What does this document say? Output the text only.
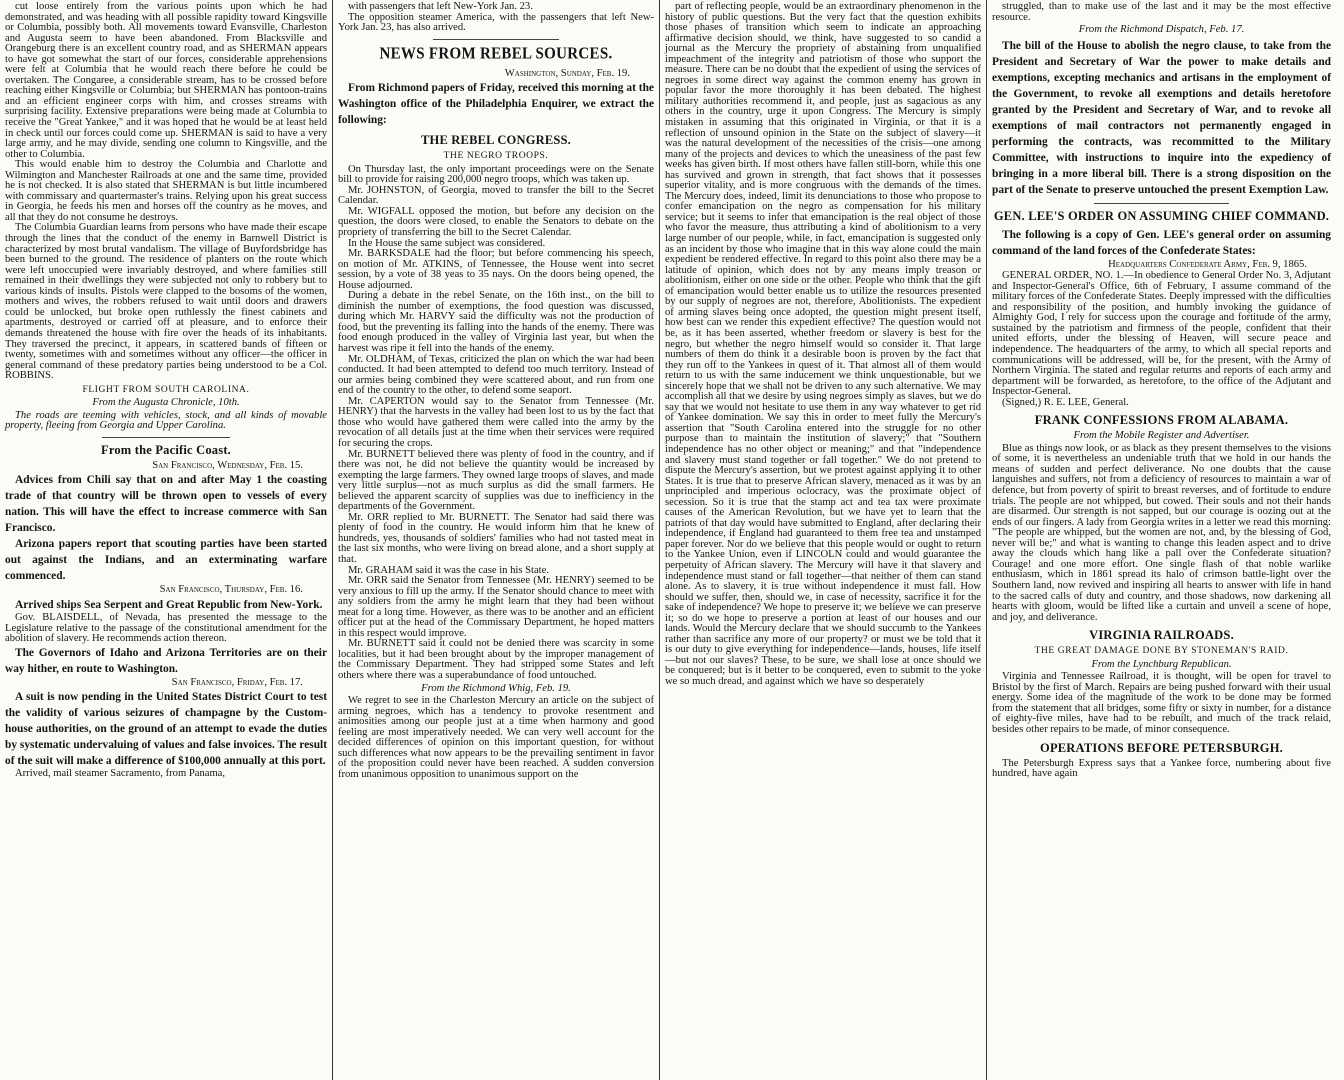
cut loose entirely from the various points upon which he had demonstrated, and was heading with all possible rapidity toward Kingsville or Columbia, possibly both. All movements toward Evansville, Charleston and Augusta seem to have been abandoned. From Blacksville and Orangeburg there is an excellent country road, and as SHERMAN appears to have got somewhat the start of our forces, considerable apprehensions were felt at Columbia that he would reach there before he could be overtaken. The Congaree, a considerable stream, has to be crossed before reaching either Kingsville or Columbia; but SHERMAN has pontoon-trains and an efficient engineer corps with him, and crosses streams with surprising facility. Extensive preparations were being made at Columbia to receive the "Great Yankee," and it was hoped that he would be at least held in check until our forces could come up. SHERMAN is said to have a very large army, and he may divide, sending one column to Kingsville, and the other to Columbia.

This would enable him to destroy the Columbia and Charlotte and Wilmington and Manchester Railroads at one and the same time, provided he is not checked. It is also stated that SHERMAN is but little incumbered with commissary and quartermaster's trains. Relying upon his great success in Georgia, he feeds his men and horses off the country as he moves, and all that they do not consume he destroys.

The Columbia Guardian learns from persons who have made their escape through the lines that the conduct of the enemy in Barnwell District is characterized by most brutal vandalism. The village of Buyfordsbridge has been burned to the ground. The residence of planters on the route which were left unoccupied were invariably destroyed, and where families still remained in their dwellings they were subjected not only to robbery but to various kinds of insults. Pistols were clapped to the bosoms of the women, mothers and wives, the robbers refused to wait until doors and drawers could be unlocked, but broke open ruthlessly the finest cabinets and apartments, destroyed or carried off at pleasure, and to enforce their demands threatened the house with fire over the heads of its inhabitants. They traversed the precinct, it appears, in scattered bands of fifteen or twenty, sometimes with and sometimes without any officer—the officer in general command of these predatory parties being understood to be a Col. ROBBINS.

FLIGHT FROM SOUTH CAROLINA.
From the Augusta Chronicle, 10th.

The roads are teeming with vehicles, stock, and all kinds of movable property, fleeing from Georgia and Upper Carolina.

From the Pacific Coast.
San Francisco, Wednesday, Feb. 15.

Advices from Chili say that on and after May 1 the coasting trade of that country will be thrown open to vessels of every nation. This will have the effect to increase commerce with San Francisco.

Arizona papers report that scouting parties have been started out against the Indians, and an exterminating warfare commenced.

San Francisco, Thursday, Feb. 16.

Arrived ships Sea Serpent and Great Republic from New-York.

Gov. BLAISDELL, of Nevada, has presented the message to the Legislature relative to the passage of the constitutional amendment for the abolition of slavery. He recommends action thereon.

The Governors of Idaho and Arizona Territories are on their way hither, en route to Washington.

San Francisco, Friday, Feb. 17.

A suit is now pending in the United States District Court to test the validity of various seizures of champagne by the Custom-house authorities, on the ground of an attempt to evade the duties by systematic undervaluing of values and false invoices. The result of the suit will make a difference of $100,000 annually at this port.

Arrived, mail steamer Sacramento, from Panama,

with passengers that left New-York Jan. 23.

The opposition steamer America, with the passengers that left New-York Jan. 23, has also arrived.

NEWS FROM REBEL SOURCES.
Washington, Sunday, Feb. 19.

From Richmond papers of Friday, received this morning at the Washington office of the Philadelphia Enquirer, we extract the following:

THE REBEL CONGRESS.
THE NEGRO TROOPS.

On Thursday last, the only important proceedings were on the Senate bill to provide for raising 200,000 negro troops, which was taken up.

Mr. JOHNSTON, of Georgia, moved to transfer the bill to the Secret Calendar.

Mr. WIGFALL opposed the motion, but before any decision on the question, the doors were closed, to enable the Senators to debate on the propriety of transferring the bill to the Secret Calendar.

In the House the same subject was considered.

Mr. BARKSDALE had the floor; but before commencing his speech, on motion of Mr. ATKINS, of Tennessee, the House went into secret session, by a vote of 38 yeas to 35 nays. On the doors being opened, the House adjourned.

During a debate in the rebel Senate, on the 16th inst., on the bill to diminish the number of exemptions, the food question was discussed, during which Mr. HARVY said the difficulty was not the production of food, but the preventing its falling into the hands of the enemy. There was food enough produced in the valley of Virginia last year, but when the harvest was ripe it fell into the hands of the enemy.

Mr. OLDHAM, of Texas, criticized the plan on which the war had been conducted. It had been attempted to defend too much territory. Instead of our armies being combined they were scattered about, and run from one end of the country to the other, to defend some seaport.

Mr. CAPERTON would say to the Senator from Tennessee (Mr. HENRY) that the harvests in the valley had been lost to us by the fact that those who would have gathered them were called into the army by the revocation of all details just at the time when their services were required for securing the crops.

Mr. BURNETT believed there was plenty of food in the country, and if there was not, he did not believe the quantity would be increased by exempting the large farmers. They owned large troops of slaves, and made very little surplus—not as much surplus as did the small farmers. He believed the apparent scarcity of supplies was due to inefficiency in the departments of the Government.

Mr. ORR replied to Mr. BURNETT. The Senator had said there was plenty of food in the country. He would inform him that he knew of hundreds, yes, thousands of soldiers' families who had not tasted meat in the last six months, who were living on bread alone, and a short supply at that.

Mr. GRAHAM said it was the case in his State.

Mr. ORR said the Senator from Tennessee (Mr. HENRY) seemed to be very anxious to fill up the army. If the Senator should chance to meet with any soldiers from the army he might learn that they had been without meat for a long time. However, as there was to be another and an efficient officer put at the head of the Commissary Department, he hoped matters in this respect would improve.

Mr. BURNETT said it could not be denied there was scarcity in some localities, but it had been brought about by the improper management of the Commissary Department. They had stripped some States and left others where there was a superabundance of food untouched.

From the Richmond Whig, Feb. 19.

We regret to see in the Charleston Mercury an article on the subject of arming negroes, which has a tendency to provoke resentment and animosities among our people just at a time when harmony and good feeling are most imperatively needed. We can very well account for the decided differences of opinion on this important question, for without such differences what now appears to be the prevailing sentiment in favor of the proposition could never have been reached. A sudden conversion from unanimous opposition to unanimous support on the

part of reflecting people, would be an extraordinary phenomenon in the history of public questions. But the very fact that the question exhibits those phases of transition which seem to indicate an approaching affirmative decision should, we think, have suggested to so candid a journal as the Mercury the propriety of abstaining from unqualified impeachment of the integrity and patriotism of those who support the measure. There can be no doubt that the expedient of using the services of negroes in some direct way against the common enemy has grown in popular favor the more thoroughly it has been debated. The highest military authorities recommend it, and people, just as sagacious as any others in the country, urge it upon Congress. The Mercury is simply mistaken in assuming that this originated in Virginia, or that it is a reflection of unsound opinion in the State on the subject of slavery—it was the natural development of the necessities of the crisis—one among many of the projects and devices to which the uneasiness of the past few weeks has given birth. If most others have fallen still-born, while this one has survived and grown in strength, that fact shows that it possesses superior vitality, and is more congruous with the demands of the times. The Mercury does, indeed, limit its denunciations to those who propose to confer emancipation on the negro as compensation for his military service; but it seems to infer that emancipation is the real object of those who favor the measure, thus attributing a kind of abolitionism to a very large number of our people, while, in fact, emancipation is suggested only as an incident by those who imagine that in this way alone could the main expedient be rendered effective. In regard to this point also there may be a latitude of opinion, which does not by any means imply treason or abolitionism, either on one side or the other. People who think that the gift of emancipation would better enable us to utilize the resources presented by our supply of negroes are not, therefore, Abolitionists. The expedient of arming slaves being once adopted, the question might present itself, how best can we render this expedient effective? The question would not be, as it has been asserted, whether freedom or slavery is best for the negro, but whether the negro himself would so consider it. That large numbers of them do think it a desirable boon is proven by the fact that they run off to the Yankees in quest of it. That almost all of them would return to us with the same inducement we think unquestionable, but we sincerely hope that we shall not be driven to any such alternative. We may accomplish all that we desire by using negroes simply as slaves, but we do say that we would not hesitate to use them in any way whatever to get rid of Yankee domination. We say this in order to meet fully the Mercury's assertion that "South Carolina entered into the struggle for no other purpose than to maintain the institution of slavery;" that "Southern independence has no other object or meaning;" and that "independence and slavery must stand together or fall together." We do not pretend to dispute the Mercury's assertion, but we protest against applying it to other States. It is true that to preserve African slavery, menaced as it was by an unprincipled and imperious oclocracy, was the proximate object of secession. So it is true that the stamp act and tea tax were proximate causes of the American Revolution, but we have yet to learn that the patriots of that day would have submitted to England, after declaring their independence, if England had guaranteed to them free tea and unstamped paper forever. Nor do we believe that this people would or ought to return to the Yankee Union, even if LINCOLN could and would guarantee the perpetuity of African slavery. The Mercury will have it that slavery and independence must stand or fall together—that neither of them can stand alone. As to slavery, it is true without independence it must fall. How should we suffer, then, should we, in case of necessity, sacrifice it for the sake of independence? We hope to preserve it; we believe we can preserve it; so do we hope to preserve a portion at least of our houses and our lands. Would the Mercury declare that we should succumb to the Yankees rather than sacrifice any more of our property? or must we be told that it is our duty to give everything for independence—lands, houses, life itself—but not our slaves? These, to be sure, we shall lose at once should we be conquered; but is it better to be conquered, even to submit to the yoke we so much dread, and against which we have so desperately

struggled, than to make use of the last and it may be the most effective resource.

From the Richmond Dispatch, Feb. 17.

The bill of the House to abolish the negro clause, to take from the President and Secretary of War the power to make details and exemptions, excepting mechanics and artisans in the employment of the Government, to revoke all exemptions and details heretofore granted by the President and Secretary of War, and to revoke all exemptions of mail contractors not permanently engaged in performing the contracts, was recommitted to the Military Committee, with instructions to inquire into the expediency of bringing in a more liberal bill. There is a strong disposition on the part of the Senate to preserve untouched the present Exemption Law.

GEN. LEE'S ORDER ON ASSUMING CHIEF COMMAND.

The following is a copy of Gen. LEE's general order on assuming command of the land forces of the Confederate States:

Headquarters Confederate Army, Feb. 9, 1865.

GENERAL ORDER, NO. 1.—In obedience to General Order No. 3, Adjutant and Inspector-General's Office, 6th of February, I assume command of the military forces of the Confederate States. Deeply impressed with the difficulties and responsibility of the position, and humbly invoking the guidance of Almighty God, I rely for success upon the courage and fortitude of the army, sustained by the patriotism and firmness of the people, confident that their united efforts, under the blessing of Heaven, will secure peace and independence. The headquarters of the army, to which all special reports and communications will be addressed, will be, for the present, with the Army of Northern Virginia. The stated and regular returns and reports of each army and department will be forwarded, as heretofore, to the office of the Adjutant and Inspector-General.

(Signed,) R. E. LEE, General.
FRANK CONFESSIONS FROM ALABAMA.
From the Mobile Register and Advertiser.

Blue as things now look, or as black as they present themselves to the visions of some, it is nevertheless an undeniable truth that we hold in our hands the means of sudden and perfect deliverance. No one doubts that the cause languishes and suffers, not from a deficiency of resources to maintain a war of defence, but from poverty of spirit to breast reverses, and of fortitude to endure trials. The people are not whipped, but cowed. Their souls and not their hands are disarmed. Our strength is not sapped, but our courage is oozing out at the ends of our fingers. A lady from Georgia writes in a letter we read this morning: "The people are whipped, but the women are not, and, by the blessing of God, never will be;" and what is wanting to change this leaden aspect and to drive away the clouds which hang like a pall over the Confederate situation? Courage! and one more effort. One single flash of that noble warlike enthusiasm, which in 1861 spread its halo of crimson battle-light over the Southern land, now revived and inspiring all hearts to answer with life in hand to the sacred calls of duty and country, and those shadows, now darkening all hearts with gloom, would be lifted like a curtain and unveil a scene of hope, and joy, and deliverance.

VIRGINIA RAILROADS.
THE GREAT DAMAGE DONE BY STONEMAN'S RAID.
From the Lynchburg Republican.

Virginia and Tennessee Railroad, it is thought, will be open for travel to Bristol by the first of March. Repairs are being pushed forward with their usual energy. Some idea of the magnitude of the work to be done may be formed from the statement that all bridges, some fifty or sixty in number, for a distance of eighty-five miles, have had to be rebuilt, and much of the track relaid, besides other repairs to be made, of minor consequence.

OPERATIONS BEFORE PETERSBURGH.

The Petersburgh Express says that a Yankee force, numbering about five hundred, have again
